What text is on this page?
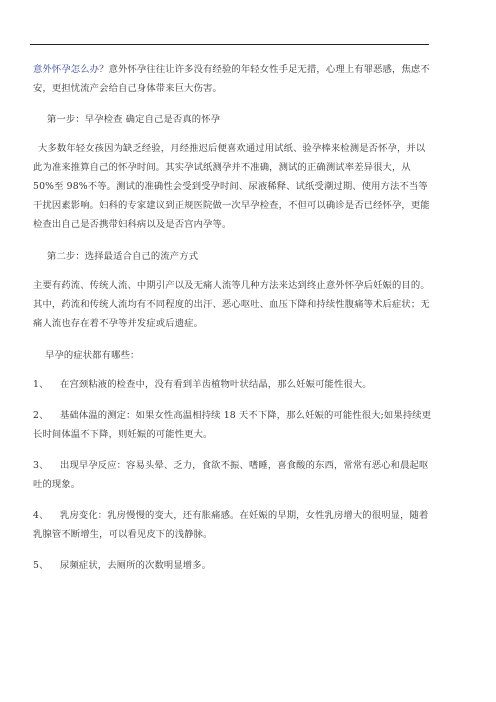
意外怀孕怎么办？意外怀孕往往让许多没有经验的年轻女性手足无措，心理上有罪恶感，焦虑不安，更担忧流产会给自己身体带来巨大伤害。

第一步：早孕检查 确定自己是否真的怀孕

大多数年轻女孩因为缺乏经验，月经推迟后便喜欢通过用试纸、验孕棒来检测是否怀孕，并以此为准来推算自己的怀孕时间。其实孕试纸测孕并不准确，测试的正确测试率差异很大，从 50%至 98%不等。测试的准确性会受到受孕时间、尿液稀释、试纸受潮过期、使用方法不当等干扰因素影响。妇科的专家建议到正规医院做一次早孕检查，不但可以确诊是否已经怀孕，更能检查出自己是否携带妇科病以及是否宫内孕等。

第二步：选择最适合自己的流产方式

主要有药流、传统人流、中期引产以及无痛人流等几种方法来达到终止意外怀孕后妊娠的目的。其中，药流和传统人流均有不同程度的出汗、恶心呕吐、血压下降和持续性腹痛等术后症状；无痛人流也存在着不孕等并发症或后遗症。

早孕的症状都有哪些：

1、 在宫颈粘液的检查中，没有看到羊齿植物叶状结晶，那么妊娠可能性很大。

2、 基础体温的测定：如果女性高温相持续 18 天不下降，那么妊娠的可能性很大;如果持续更长时间体温不下降，则妊娠的可能性更大。

3、 出现早孕反应：容易头晕、乏力，食欲不振、嗜睡，喜食酸的东西，常常有恶心和晨起呕吐的现象。

4、 乳房变化：乳房慢慢的变大，还有胀痛感。在妊娠的早期，女性乳房增大的很明显，随着乳腺管不断增生，可以看见皮下的浅静脉。

5、 尿频症状，去厕所的次数明显增多。
